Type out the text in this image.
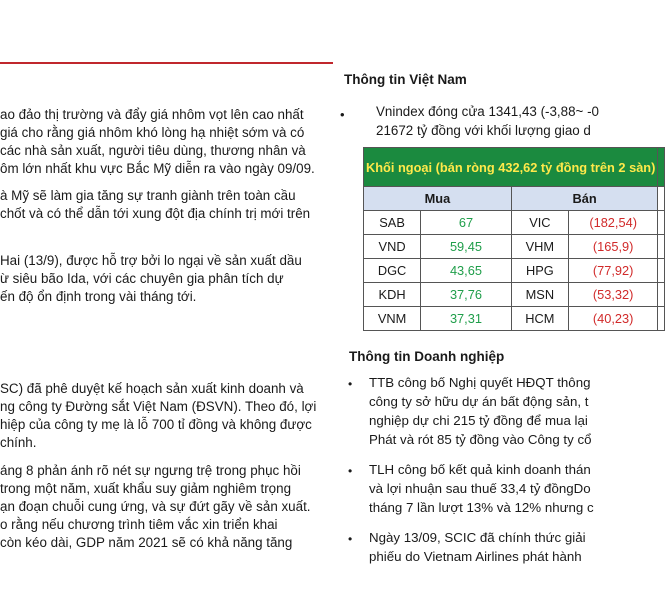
ao đảo thị trường và đẩy giá nhôm vọt lên cao nhất
giá cho rằng giá nhôm khó lòng hạ nhiệt sớm và có
các nhà sản xuất, người tiêu dùng, thương nhân và
ôm lớn nhất khu vực Bắc Mỹ diễn ra vào ngày 09/09.
à Mỹ sẽ làm gia tăng sự tranh giành trên toàn cầu
chốt và có thể dẫn tới xung đột địa chính trị mới trên
Hai (13/9), được hỗ trợ bởi lo ngại về sản xuất dầu
ừ siêu bão Ida, với các chuyên gia phân tích dự
ến độ ổn định trong vài tháng tới.
SC) đã phê duyệt kế hoạch sản xuất kinh doanh và
ng công ty Đường sắt Việt Nam (ĐSVN). Theo đó, lợi
hiệp của công ty mẹ là lỗ 700 tỉ đồng và không được
chính.
áng 8 phản ánh rõ nét sự ngưng trệ trong phục hồi
trong một năm, xuất khẩu suy giảm nghiêm trọng
ạn đoạn chuỗi cung ứng, và sự đứt gãy về sản xuất.
o rằng nếu chương trình tiêm vắc xin triển khai
còn kéo dài, GDP năm 2021 sẽ có khả năng tăng
Thông tin Việt Nam
• Vnindex đóng cửa 1341,43 (-3,88~ -0
21672 tỷ đồng với khối lượng giao d
Khối ngoại (bán ròng 432,62 tỷ đồng trên 2 sàn)				
Mua		Bán		
SAB	67	VIC	(182,54)	
VND	59,45	VHM	(165,9)	
DGC	43,65	HPG	(77,92)	
KDH	37,76	MSN	(53,32)	
VNM	37,31	HCM	(40,23)	
Thông tin Doanh nghiệp
• TTB công bố Nghị quyết HĐQT thông
công ty sở hữu dự án bất động sản, t
nghiệp dự chi 215 tỷ đồng để mua lại
Phát và rót 85 tỷ đồng vào Công ty cổ
• TLH công bố kết quả kinh doanh thán
và lợi nhuận sau thuế 33,4 tỷ đồngDo
tháng 7 lần lượt 13% và 12% nhưng c
• Ngày 13/09, SCIC đã chính thức giải
phiếu do Vietnam Airlines phát hành
